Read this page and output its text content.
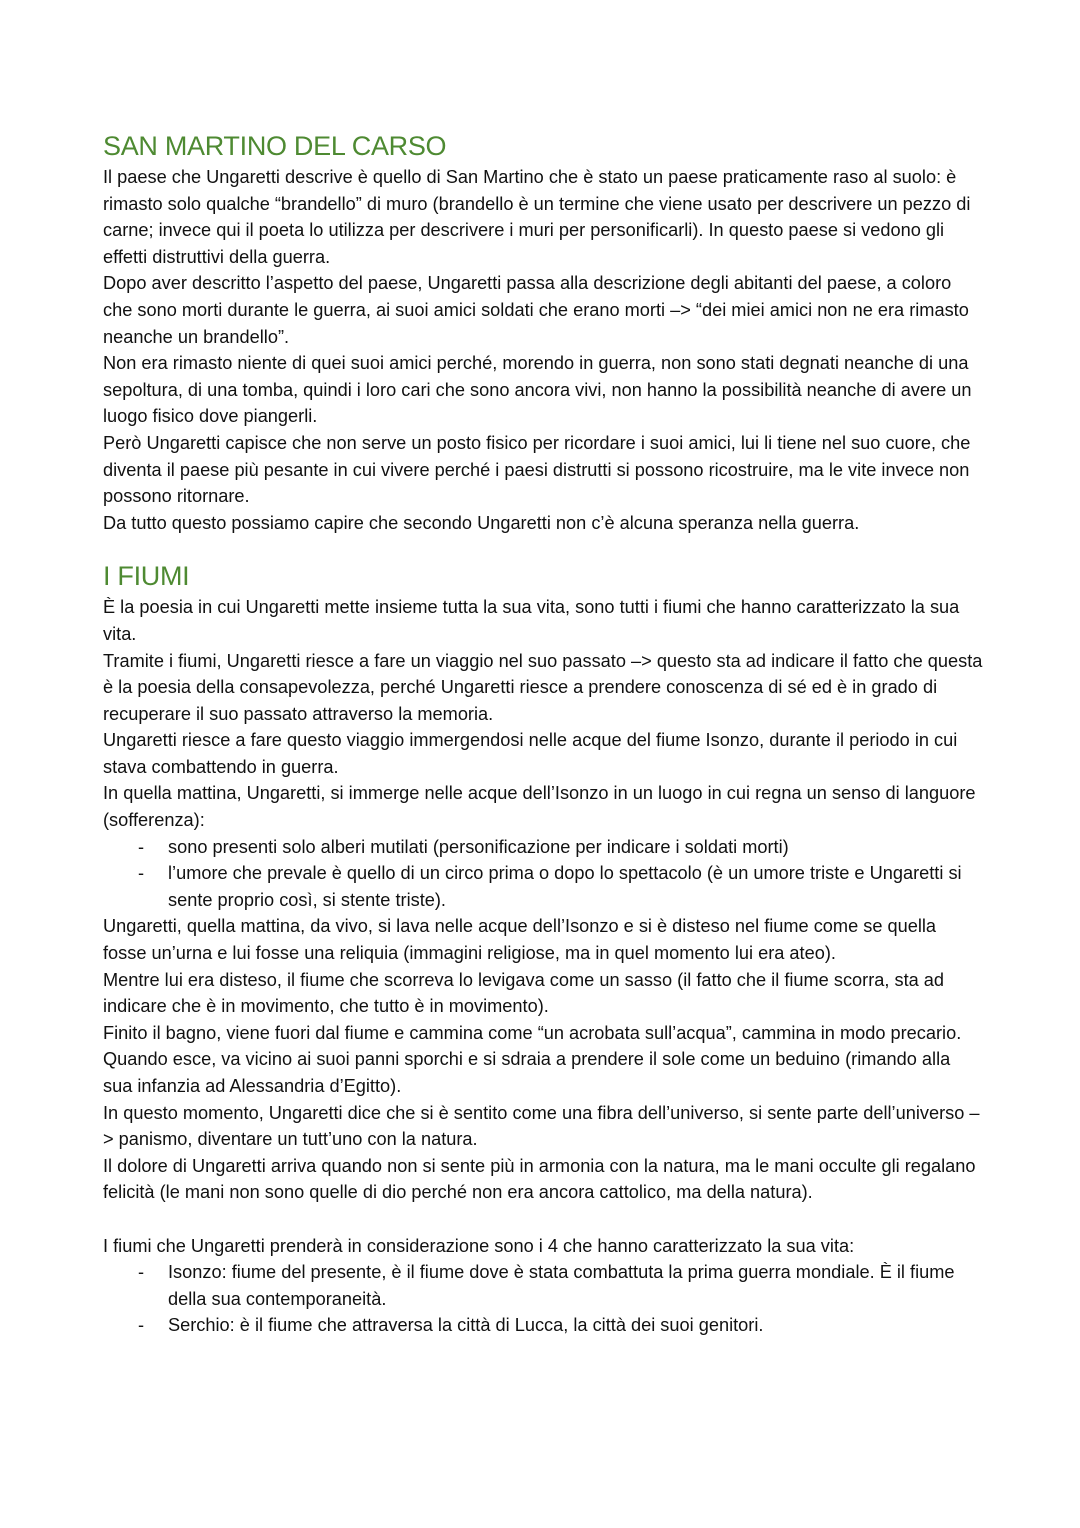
SAN MARTINO DEL CARSO

Il paese che Ungaretti descrive è quello di San Martino che è stato un paese praticamente raso al suolo: è rimasto solo qualche “brandello” di muro (brandello è un termine che viene usato per descrivere un pezzo di carne; invece qui il poeta lo utilizza per descrivere i muri per personificarli). In questo paese si vedono gli effetti distruttivi della guerra.

Dopo aver descritto l’aspetto del paese, Ungaretti passa alla descrizione degli abitanti del paese, a coloro che sono morti durante le guerra, ai suoi amici soldati che erano morti –> “dei miei amici non ne era rimasto neanche un brandello”.

Non era rimasto niente di quei suoi amici perché, morendo in guerra, non sono stati degnati neanche di una sepoltura, di una tomba, quindi i loro cari che sono ancora vivi, non hanno la possibilità neanche di avere un luogo fisico dove piangerli.

Però Ungaretti capisce che non serve un posto fisico per ricordare i suoi amici, lui li tiene nel suo cuore, che diventa il paese più pesante in cui vivere perché i paesi distrutti si possono ricostruire, ma le vite invece non possono ritornare.

Da tutto questo possiamo capire che secondo Ungaretti non c’è alcuna speranza nella guerra.

I FIUMI

È la poesia in cui Ungaretti mette insieme tutta la sua vita, sono tutti i fiumi che hanno caratterizzato la sua vita.

Tramite i fiumi, Ungaretti riesce a fare un viaggio nel suo passato –> questo sta ad indicare il fatto che questa è la poesia della consapevolezza, perché Ungaretti riesce a prendere conoscenza di sé ed è in grado di recuperare il suo passato attraverso la memoria.

Ungaretti riesce a fare questo viaggio immergendosi nelle acque del fiume Isonzo, durante il periodo in cui stava combattendo in guerra.

In quella mattina, Ungaretti, si immerge nelle acque dell’Isonzo in un luogo in cui regna un senso di languore (sofferenza):

- sono presenti solo alberi mutilati (personificazione per indicare i soldati morti)
- l’umore che prevale è quello di un circo prima o dopo lo spettacolo (è un umore triste e Ungaretti si sente proprio così, si stente triste).

Ungaretti, quella mattina, da vivo, si lava nelle acque dell’Isonzo e si è disteso nel fiume come se quella fosse un’urna e lui fosse una reliquia (immagini religiose, ma in quel momento lui era ateo).

Mentre lui era disteso, il fiume che scorreva lo levigava come un sasso (il fatto che il fiume scorra, sta ad indicare che è in movimento, che tutto è in movimento).

Finito il bagno, viene fuori dal fiume e cammina come “un acrobata sull’acqua”, cammina in modo precario.

Quando esce, va vicino ai suoi panni sporchi e si sdraia a prendere il sole come un beduino (rimando alla sua infanzia ad Alessandria d’Egitto).

In questo momento, Ungaretti dice che si è sentito come una fibra dell’universo, si sente parte dell’universo –> panismo, diventare un tutt’uno con la natura.

Il dolore di Ungaretti arriva quando non si sente più in armonia con la natura, ma le mani occulte gli regalano felicità (le mani non sono quelle di dio perché non era ancora cattolico, ma della natura).

I fiumi che Ungaretti prenderà in considerazione sono i 4 che hanno caratterizzato la sua vita:

- Isonzo: fiume del presente, è il fiume dove è stata combattuta la prima guerra mondiale. È il fiume della sua contemporaneità.
- Serchio: è il fiume che attraversa la città di Lucca, la città dei suoi genitori.
